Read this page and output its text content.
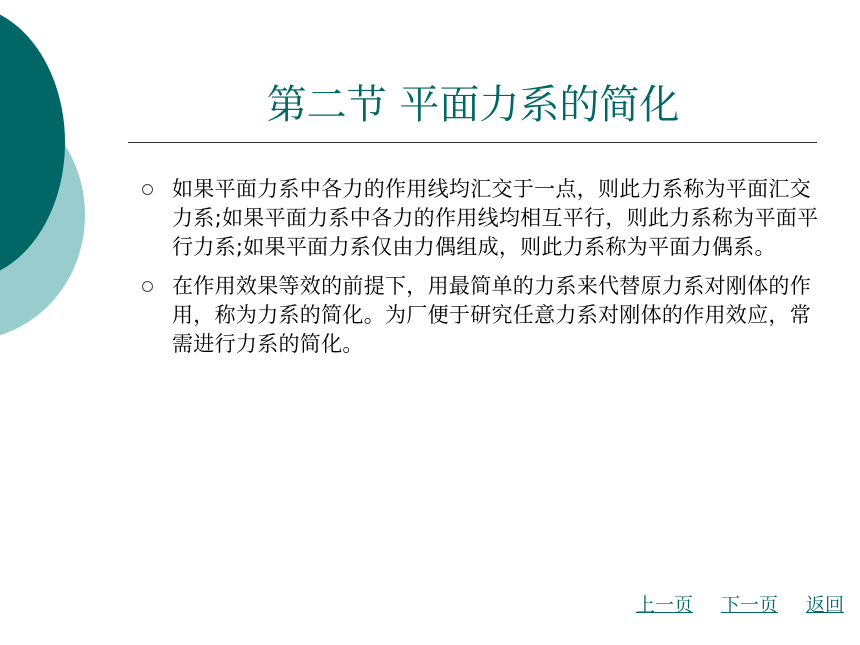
第二节 平面力系的简化
如果平面力系中各力的作用线均汇交于一点，则此力系称为平面汇交力系;如果平面力系中各力的作用线均相互平行，则此力系称为平面平行力系;如果平面力系仅由力偶组成，则此力系称为平面力偶系。
在作用效果等效的前提下，用最简单的力系来代替原力系对刚体的作用，称为力系的简化。为厂便于研究任意力系对刚体的作用效应，常需进行力系的简化。
上一页 下一页 返回
